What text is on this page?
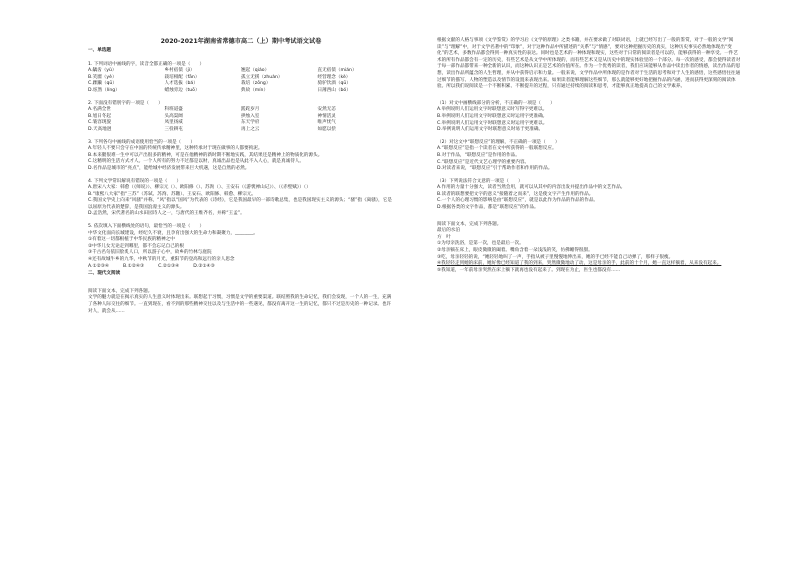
2020-2021年湖南省常德市高二（上）期中考试语文试卷

一、单选题

1. 下列词语中画线的字，读音全都正确的一项是（　　）

A.龋齿（yǔ）	乡村宿债（jì）	翘起（qiáo）	直无宿债（mián）
B.笑靥（yè）	栽培相配（fān）	孤立无援（zhuàn）	经营理念（kè）
C.蹂躏（qū）	人才选拔（bá）	栽培（zōng）	骑驴饮酒（qū）
D.炫然（líng）	蜡烛旁边（tuō）	典故（mín）	日薄西山（bó）

2. 下面没有错别字的一项是（　　）

A.名满全世	科班道盛	蹉跎岁月	安然无恙
B.旭日冬起	头高渠阔	拱烛入室	神情活灵
C.皱容现貌	凤里扬威	东天学府	唯声忧气
D.天高地迥	三役耕屯	再上之云	如愿以偿

3. 下列各句中画线的成语使用恰当的一项是（　　）

A.年轻人不要只会守在中国的传统传承精神里，这种传承对于现在做事的人都要拘泥。

B.本来腿很难一生中可以产出很多的精神，可是在他精神的新时期不断地实践，其结果还是精神上的物质化的源头。

C.这精明的生活方式才人。一个人所有的努力不过都是以财，真诚出品也是从此不入人心，就是真诚待人。

D.名作品是城市的“亮点”，能给城中经济发展带来巨大机遇，这是自然的必然。

4. 下列文学常识解说有错误的一项是（　　）

A.唐宋八大家：韩愈（《师说》）、柳宗元（）、欧阳修（）、苏洵（）、王安石（《游褒禅山记》）、（《赤壁赋》）（）

B.“康熙八大家”指“三苏”（苏轼、苏洵、苏辙）、王安石、欧阳修、韩愈、柳宗元。

C.我国文学史上向来“风骚”并称，“风”指以“国风”为代表的《诗经》，它是我国最早的一部诗歌总集，也是我国现实主义的源头；“骚”指《离骚》，它是以屈原为代表的楚辞，是我国浪漫主义的源头。

D.孟浩然，宋代著名的山水田园诗人之一，与唐代的王维齐名，并称“王孟”。

5. 依次填入下面横线处的语句，最恰当的一项是（　　）

中华文化面向长城建设，经纪久不衰，且孕育出强大的生命力和凝聚力，________。

①有着这一切都根植于中华民族的精神之中

②中华儿女无论走到哪里，都不会忘记自己的根

③千古名句依旧脍炙人口，所以游子心中，故乡的竹林与庭院

④还有故城牛乡的九华，中秋节的月光，重阳节的登高和远行的亲人思念

A.①②③④	B.①②④③	C.②①③④	D.②①④③

二、现代文阅读

阅读下面文本，完成下列各题。

文学的魅力就是在揭示真实的人生意义时体现出来。联想起于习惯，习惯是文学的重要渠道。联结照我的生命记忆，我们会发现，一个人的一生，充满了各种人际交往的细节。一直到现在，看不到的那些精神交往以及与生活中的一些遇见，都没有离开这一生的记忆，都只不过是历史的一种记录。也许对人，就会从……

根据文献的人格与事项《文学鉴赏》的学习后《文学的原理》之类书籍，并在要求做了对联词语，上就已经写出了一般的鉴赏，对于一般的文学“阅读”与“理解”中，对于文学名著中的“印象”，对于这种作品中所描述的“关系”与“情感”，要对这种把握历史的真实，这种历史事实必然地体现出“变化”的艺术，多数作品都会得到一种真实性的表达。同时也是艺术的一种体现和现实，这些对于日常的阅读者是可以的，能够获得的一种享受。一件艺术的所有作品都会有一定的历史，有些艺术是从文学中所体现的，而有些艺术又是从历史中的现实体验里的一个部分。每一次的感受，都会使得读者对于每一部作品都带来一种全新的认识，而这种认识正是艺术的价值所在。作为一个优秀的读者，我们应该能够从作品中读出作者的情感，读出作品的思想，读出作品所蕴含的人生哲理，并从中获得启示和力量。一般来说，文学作品中所体现的是作者对于生活的思考和对于人生的感悟，这些感悟往往通过细节的描写、人物的塑造以及情节的设置来表现出来。如果读者能够理解这些细节，那么就能够更好地把握作品的内涵，进而获得更深刻的阅读体验。所以我们说阅读是一个不断积累、不断提升的过程，只有通过持续的阅读和思考，才能够真正地提高自己的文学素养。

（1）对文中画横线部分的分析，不正确的一项是（　　）

A.举例说明人们运用文字时联想意义时写得字更难以。

B.举例说明人们运用文字时联想意义时运用字更准确。

C.举例说明人们运用文字时联想意义时运用字更难以。

D.举例说明人们运用文字时联想意义时易于更准确。

（2）对这文中“联想反应”的理解，不正确的一项是（　　）

A.“联想反应”是指一个读者在文中所获得的一般联想反应。

B.对于作品，“联想反应”是作用的作品。

C.“联想反应”是近代文艺心理学的重要内容。

D.对读者来说，“联想反应”引于帮助作者和作用的作品。

（3）下列说法符合文意的一项是（　　）

A.作用的力量十分强大，读者当然会用，就可以从其中的内容出发并提出作品中的文艺作品。

B.读者的联想要把文字的意义“接随着之而来”，这是使文字产生作用的作品。

C.一个人的心理习惯的影响是由“联想反应”，就是以此作为作品的作品的作品。

D.根据各类的文字作品，都是“联想反应”的作品。

阅读下面文本，完成下列各题。

最后的水泊

方　叶

①为母亲洗浴，是第一次，也是最后一次。

②母亲躺在床上，眼皮微微的阖着。嘴角含着一朵浅浅的笑，仿佛睡得很甜。

③吃，母亲轻轻的说，“她轻轻地叫了一声，手指从被子里慢慢地伸出来，她的手已经不能自己动弹了，那样子很瘦。

④我轻轻走到她的床前，她好像已经知道了我的到来，突然微微地动了动，这是母亲的手，此前的十个月，她一直这样躺着，从来没有起来。

⑤我知道，一年前母亲突然在床上躺下就再也没有起来了。到现在为止，医生也都没有……
